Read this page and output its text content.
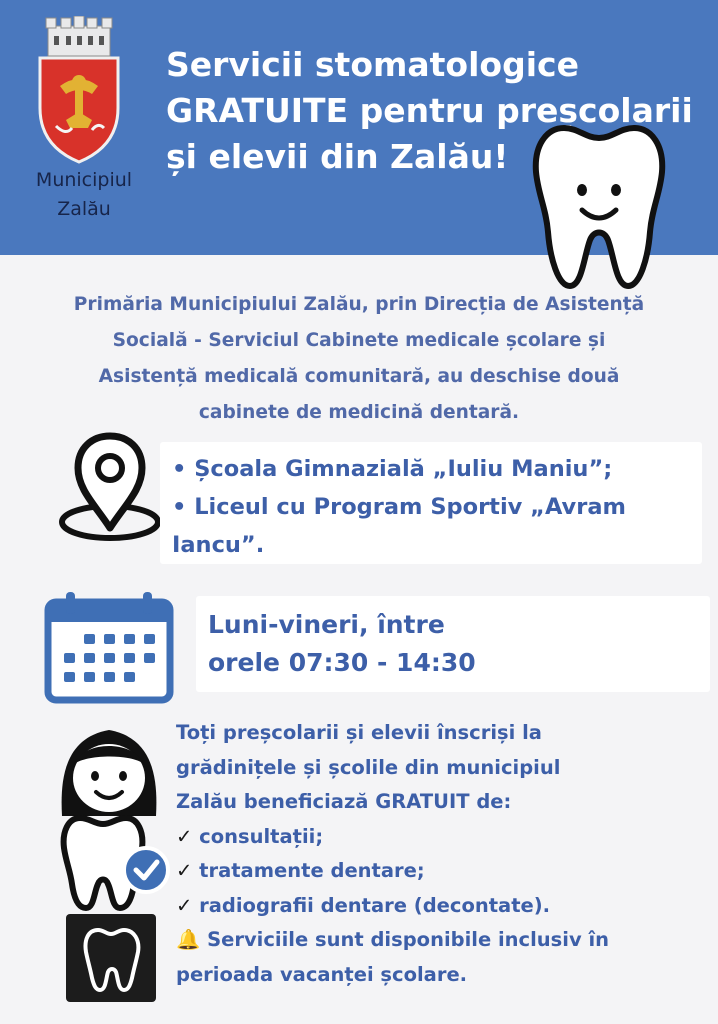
Municipiul
Zalău
Servicii stomatologice
GRATUITE pentru preșcolarii
și elevii din Zalău!
Primăria Municipiului Zalău, prin Direcția de Asistență
Socială - Serviciul Cabinete medicale școlare și
Asistență medicală comunitară, au deschise două
cabinete de medicină dentară.
• Școala Gimnazială „Iuliu Maniu”;
• Liceul cu Program Sportiv „Avram
Iancu”.
Luni-vineri, între
orele 07:30 - 14:30
Toți preșcolarii și elevii înscriși la
grădinițele și școlile din municipiul
Zalău beneficiază GRATUIT de:
✓ consultații;
✓ tratamente dentare;
✓ radiografii dentare (decontate).
🔔 Serviciile sunt disponibile inclusiv în
perioada vacanței școlare.
